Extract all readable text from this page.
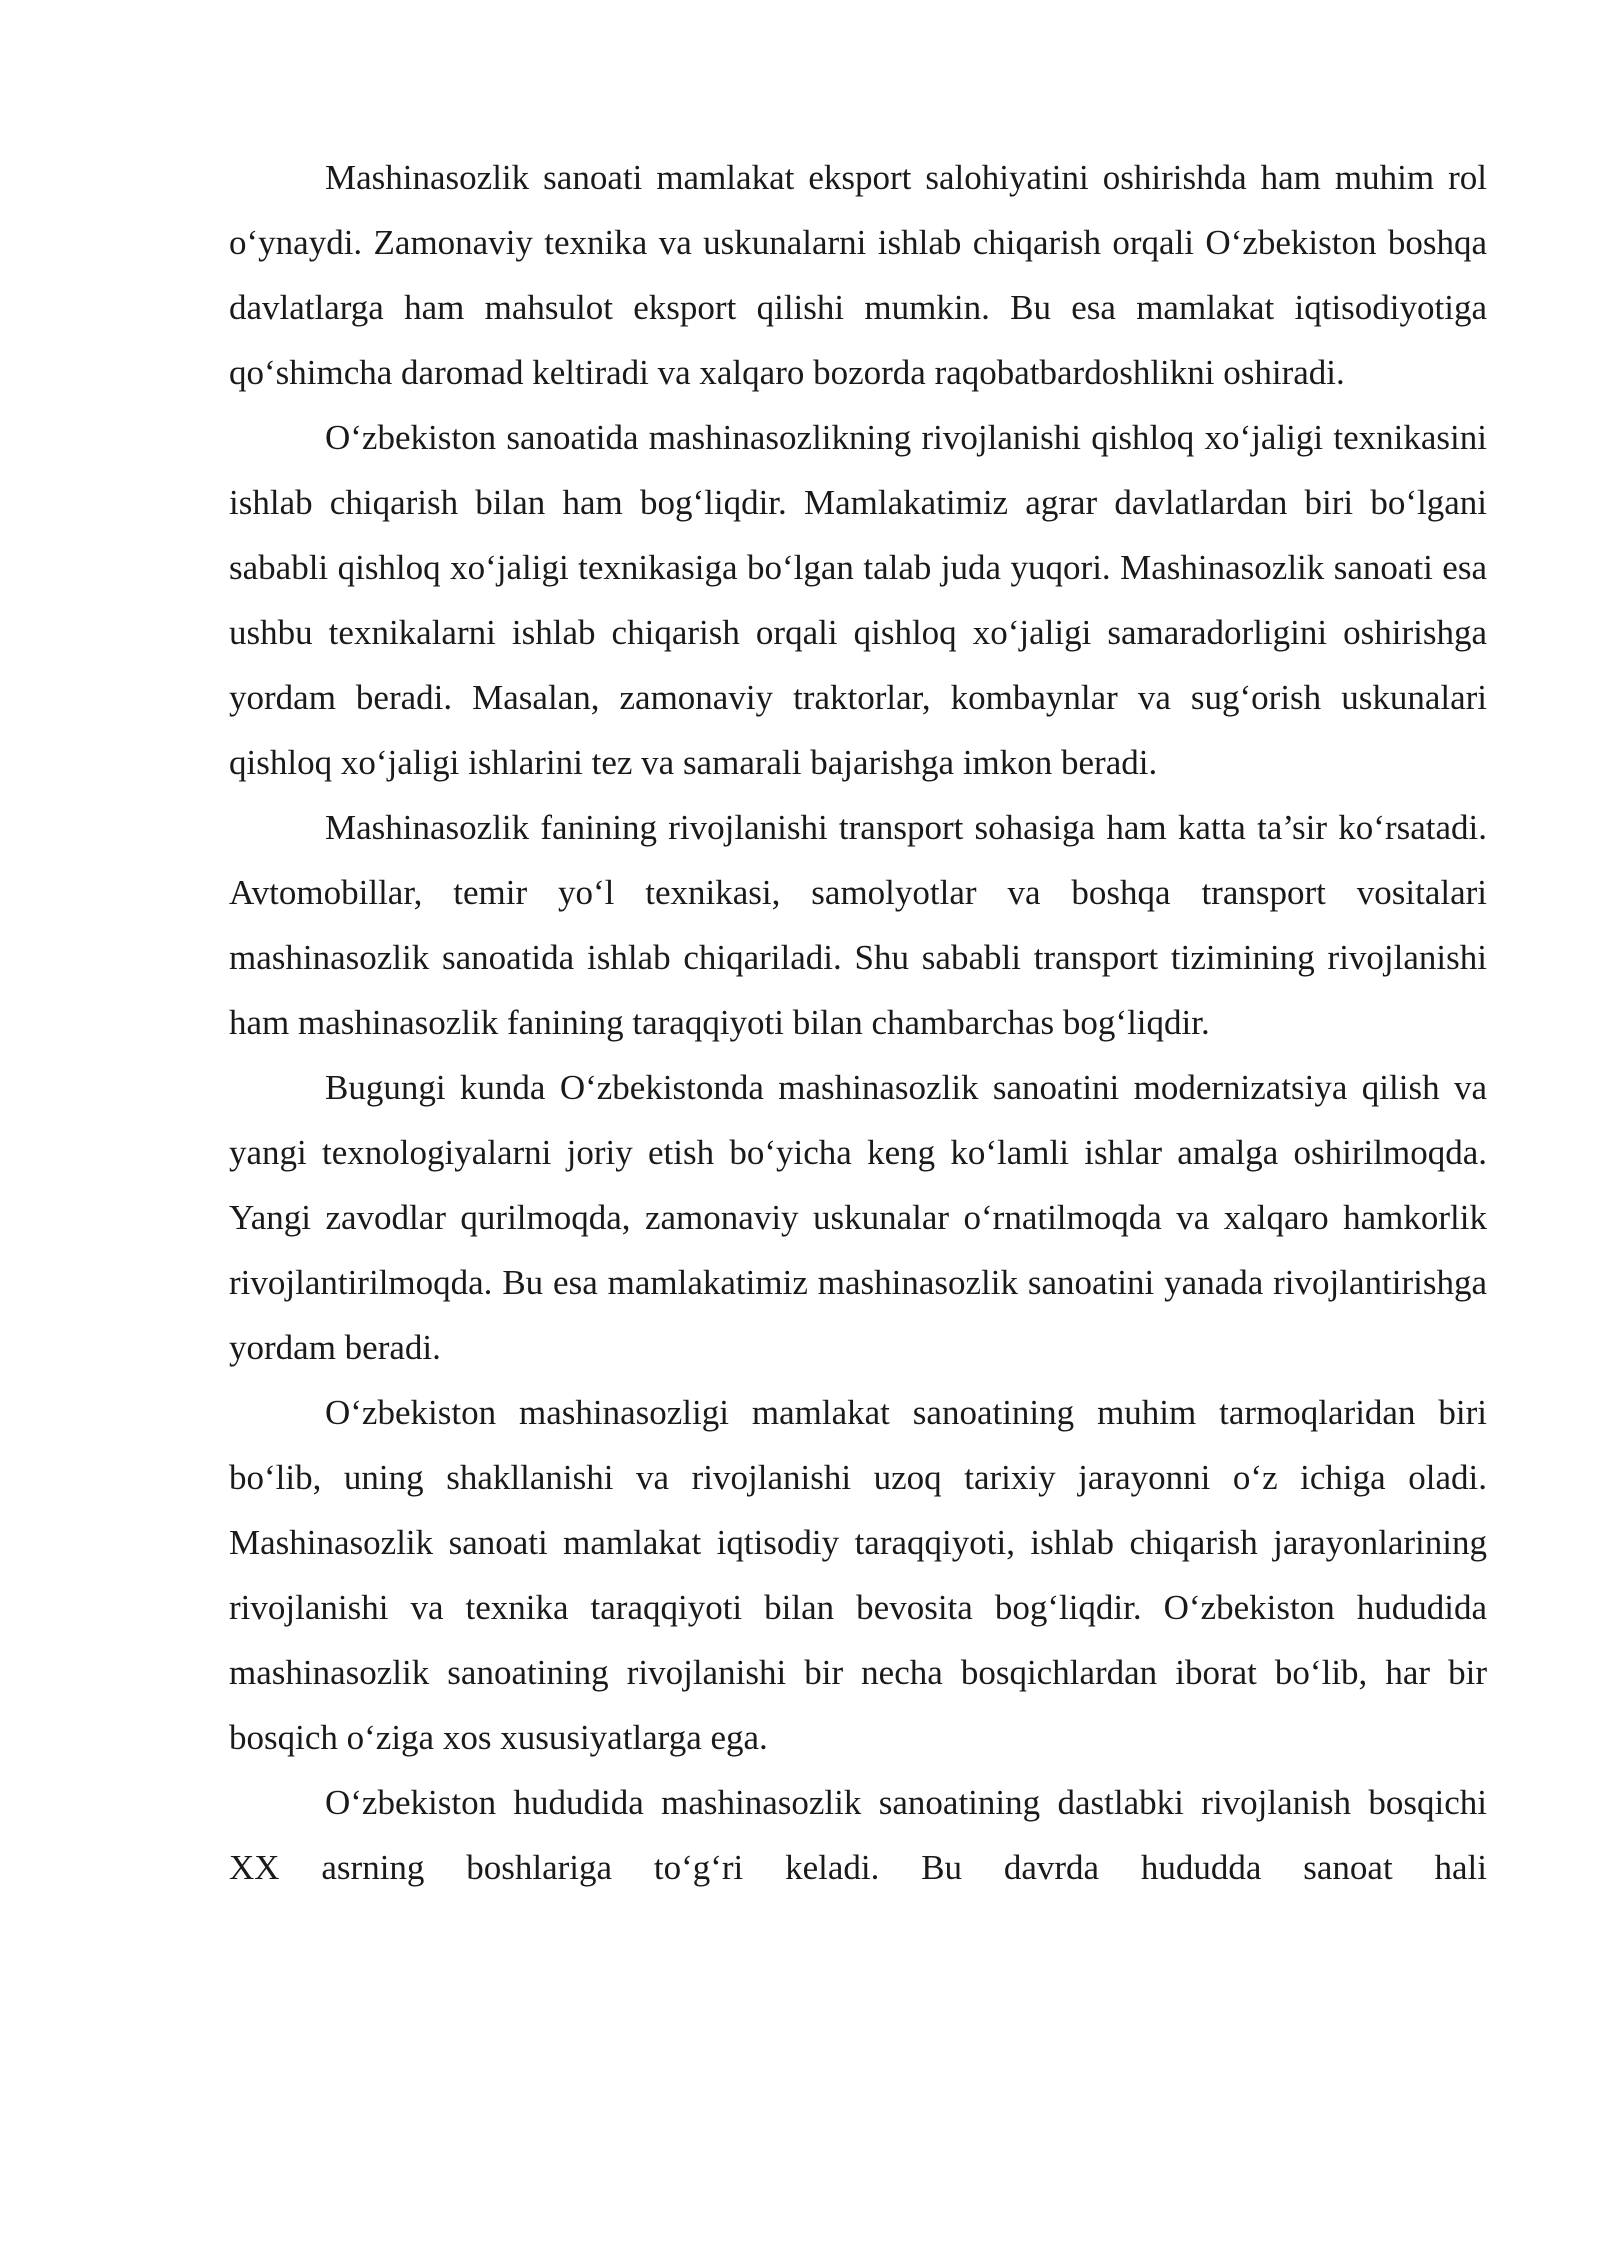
Mashinasozlik sanoati mamlakat eksport salohiyatini oshirishda ham muhim rol o‘ynaydi. Zamonaviy texnika va uskunalarni ishlab chiqarish orqali O‘zbekiston boshqa davlatlarga ham mahsulot eksport qilishi mumkin. Bu esa mamlakat iqtisodiyotiga qo‘shimcha daromad keltiradi va xalqaro bozorda raqobatbardoshlikni oshiradi.

O‘zbekiston sanoatida mashinasozlikning rivojlanishi qishloq xo‘jaligi texnikasini ishlab chiqarish bilan ham bog‘liqdir. Mamlakatimiz agrar davlatlardan biri bo‘lgani sababli qishloq xo‘jaligi texnikasiga bo‘lgan talab juda yuqori. Mashinasozlik sanoati esa ushbu texnikalarni ishlab chiqarish orqali qishloq xo‘jaligi samaradorligini oshirishga yordam beradi. Masalan, zamonaviy traktorlar, kombaynlar va sug‘orish uskunalari qishloq xo‘jaligi ishlarini tez va samarali bajarishga imkon beradi.

Mashinasozlik fanining rivojlanishi transport sohasiga ham katta ta’sir ko‘rsatadi. Avtomobillar, temir yo‘l texnikasi, samolyotlar va boshqa transport vositalari mashinasozlik sanoatida ishlab chiqariladi. Shu sababli transport tizimining rivojlanishi ham mashinasozlik fanining taraqqiyoti bilan chambarchas bog‘liqdir.

Bugungi kunda O‘zbekistonda mashinasozlik sanoatini modernizatsiya qilish va yangi texnologiyalarni joriy etish bo‘yicha keng ko‘lamli ishlar amalga oshirilmoqda. Yangi zavodlar qurilmoqda, zamonaviy uskunalar o‘rnatilmoqda va xalqaro hamkorlik rivojlantirilmoqda. Bu esa mamlakatimiz mashinasozlik sanoatini yanada rivojlantirishga yordam beradi.

O‘zbekiston mashinasozligi mamlakat sanoatining muhim tarmoqlaridan biri bo‘lib, uning shakllanishi va rivojlanishi uzoq tarixiy jarayonni o‘z ichiga oladi. Mashinasozlik sanoati mamlakat iqtisodiy taraqqiyoti, ishlab chiqarish jarayonlarining rivojlanishi va texnika taraqqiyoti bilan bevosita bog‘liqdir. O‘zbekiston hududida mashinasozlik sanoatining rivojlanishi bir necha bosqichlardan iborat bo‘lib, har bir bosqich o‘ziga xos xususiyatlarga ega.

O‘zbekiston hududida mashinasozlik sanoatining dastlabki rivojlanish bosqichi XX asrning boshlariga to‘g‘ri keladi. Bu davrda hududda sanoat hali
